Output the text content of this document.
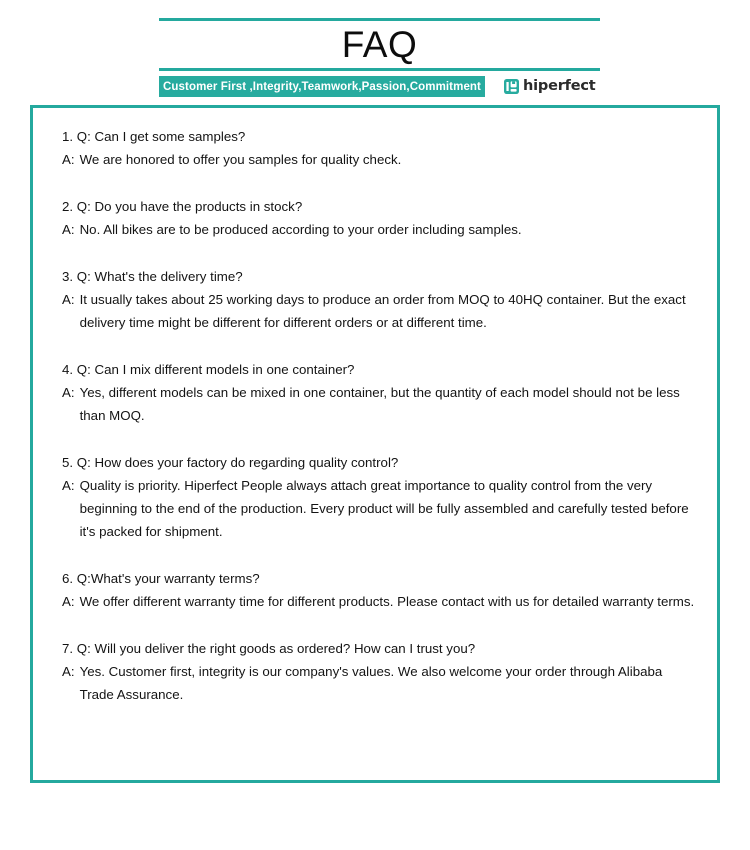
FAQ
Customer First ,Integrity,Teamwork,Passion,Commitment	hiperfect
1. Q: Can I get some samples?
A: We are honored to offer you samples for quality check.
2. Q: Do you have the products in stock?
A: No. All bikes are to be produced according to your order including samples.
3. Q: What's the delivery time?
A: It usually takes about 25 working days to produce an order from MOQ to 40HQ container. But the exact delivery time might be different for different orders or at different time.
4. Q: Can I mix different models in one container?
A: Yes, different models can be mixed in one container, but the quantity of each model should not be less than MOQ.
5. Q: How does your factory do regarding quality control?
A: Quality is priority. Hiperfect People always attach great importance to quality control from the very beginning to the end of the production. Every product will be fully assembled and carefully tested before it's packed for shipment.
6. Q:What's your warranty terms?
A: We offer different warranty time for different products. Please contact with us for detailed warranty terms.
7. Q: Will you deliver the right goods as ordered? How can I trust you?
A: Yes. Customer first, integrity is our company's values. We also welcome your order through Alibaba Trade Assurance.
